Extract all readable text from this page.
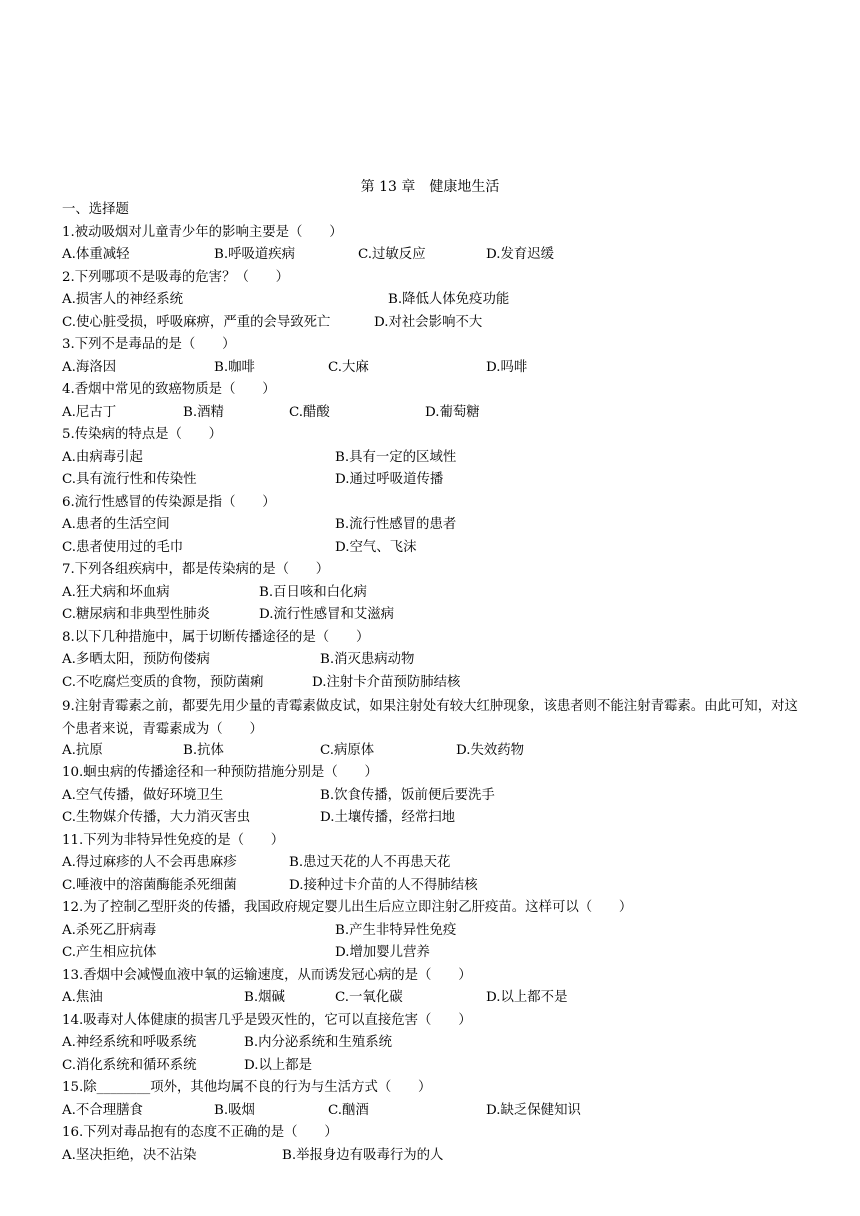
第 13 章　健康地生活
一、选择题
1.被动吸烟对儿童青少年的影响主要是（　　）
A.体重减轻	B.呼吸道疾病	C.过敏反应	D.发育迟缓
2.下列哪项不是吸毒的危害？（　　）
A.损害人的神经系统	B.降低人体免疫功能
C.使心脏受损，呼吸麻痹，严重的会导致死亡	D.对社会影响不大
3.下列不是毒品的是（　　）
A.海洛因	B.咖啡	C.大麻	D.吗啡
4.香烟中常见的致癌物质是（　　）
A.尼古丁	B.酒精	C.醋酸	D.葡萄糖
5.传染病的特点是（　　）
A.由病毒引起	B.具有一定的区域性
C.具有流行性和传染性	D.通过呼吸道传播
6.流行性感冒的传染源是指（　　）
A.患者的生活空间	B.流行性感冒的患者
C.患者使用过的毛巾	D.空气、飞沫
7.下列各组疾病中，都是传染病的是（　　）
A.狂犬病和坏血病	B.百日咳和白化病
C.糖尿病和非典型性肺炎	D.流行性感冒和艾滋病
8.以下几种措施中，属于切断传播途径的是（　　）
A.多晒太阳，预防佝偻病	B.消灭患病动物
C.不吃腐烂变质的食物，预防菌痢	D.注射卡介苗预防肺结核
9.注射青霉素之前，都要先用少量的青霉素做皮试，如果注射处有较大红肿现象，该患者则不能注射青霉素。由此可知，对这个患者来说，青霉素成为（　　）
A.抗原	B.抗体	C.病原体	D.失效药物
10.蛔虫病的传播途径和一种预防措施分别是（　　）
A.空气传播，做好环境卫生	B.饮食传播，饭前便后要洗手
C.生物媒介传播，大力消灭害虫	D.土壤传播，经常扫地
11.下列为非特异性免疫的是（　　）
A.得过麻疹的人不会再患麻疹	B.患过天花的人不再患天花
C.唾液中的溶菌酶能杀死细菌	D.接种过卡介苗的人不得肺结核
12.为了控制乙型肝炎的传播，我国政府规定婴儿出生后应立即注射乙肝疫苗。这样可以（　　）
A.杀死乙肝病毒	B.产生非特异性免疫
C.产生相应抗体	D.增加婴儿营养
13.香烟中会减慢血液中氧的运输速度，从而诱发冠心病的是（　　）
A.焦油	B.烟碱	C.一氧化碳	D.以上都不是
14.吸毒对人体健康的损害几乎是毁灭性的，它可以直接危害（　　）
A.神经系统和呼吸系统	B.内分泌系统和生殖系统
C.消化系统和循环系统	D.以上都是
15.除________项外，其他均属不良的行为与生活方式（　　）
A.不合理膳食	B.吸烟	C.酗酒	D.缺乏保健知识
16.下列对毒品抱有的态度不正确的是（　　）
A.坚决拒绝，决不沾染	B.举报身边有吸毒行为的人
